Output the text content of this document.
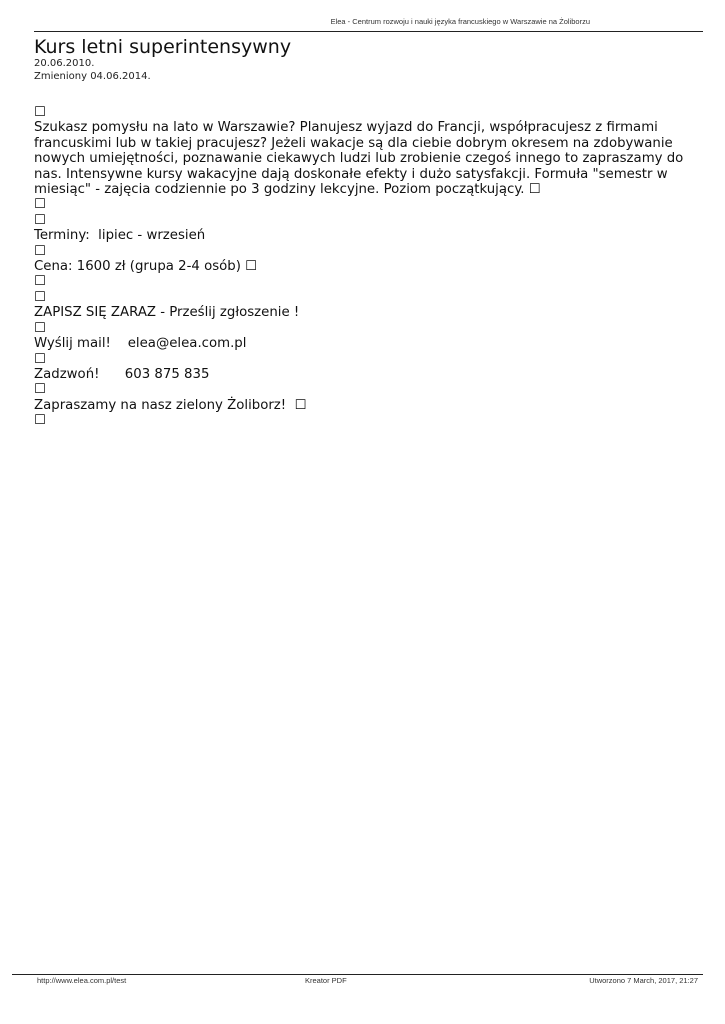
Elea - Centrum rozwoju i nauki języka francuskiego w Warszawie na Żoliborzu
Kurs letni superintensywny
20.06.2010.
Zmieniony 04.06.2014.
☐
Szukasz pomysłu na lato w Warszawie? Planujesz wyjazd do Francji, współpracujesz z firmami francuskimi lub w takiej pracujesz? Jeżeli wakacje są dla ciebie dobrym okresem na zdobywanie nowych umiejętności, poznawanie ciekawych ludzi lub zrobienie czegoś innego to zapraszamy do nas. Intensywne kursy wakacyjne dają doskonałe efekty i dużo satysfakcji. Formuła "semestr w miesiąc" - zajęcia codziennie po 3 godziny lekcyjne. Poziom początkujący. ☐
☐
☐
Terminy:  lipiec - wrzesień
☐
Cena: 1600 zł (grupa 2-4 osób) ☐
☐
☐
ZAPISZ SIĘ ZARAZ - Prześlij zgłoszenie !
☐
Wyślij mail!    elea@elea.com.pl
☐
Zadzwoń!      603 875 835
☐
Zapraszamy na nasz zielony Żoliborz! ☐
☐
http://www.elea.com.pl/test	Kreator PDF	Utworzono 7 March, 2017, 21:27
